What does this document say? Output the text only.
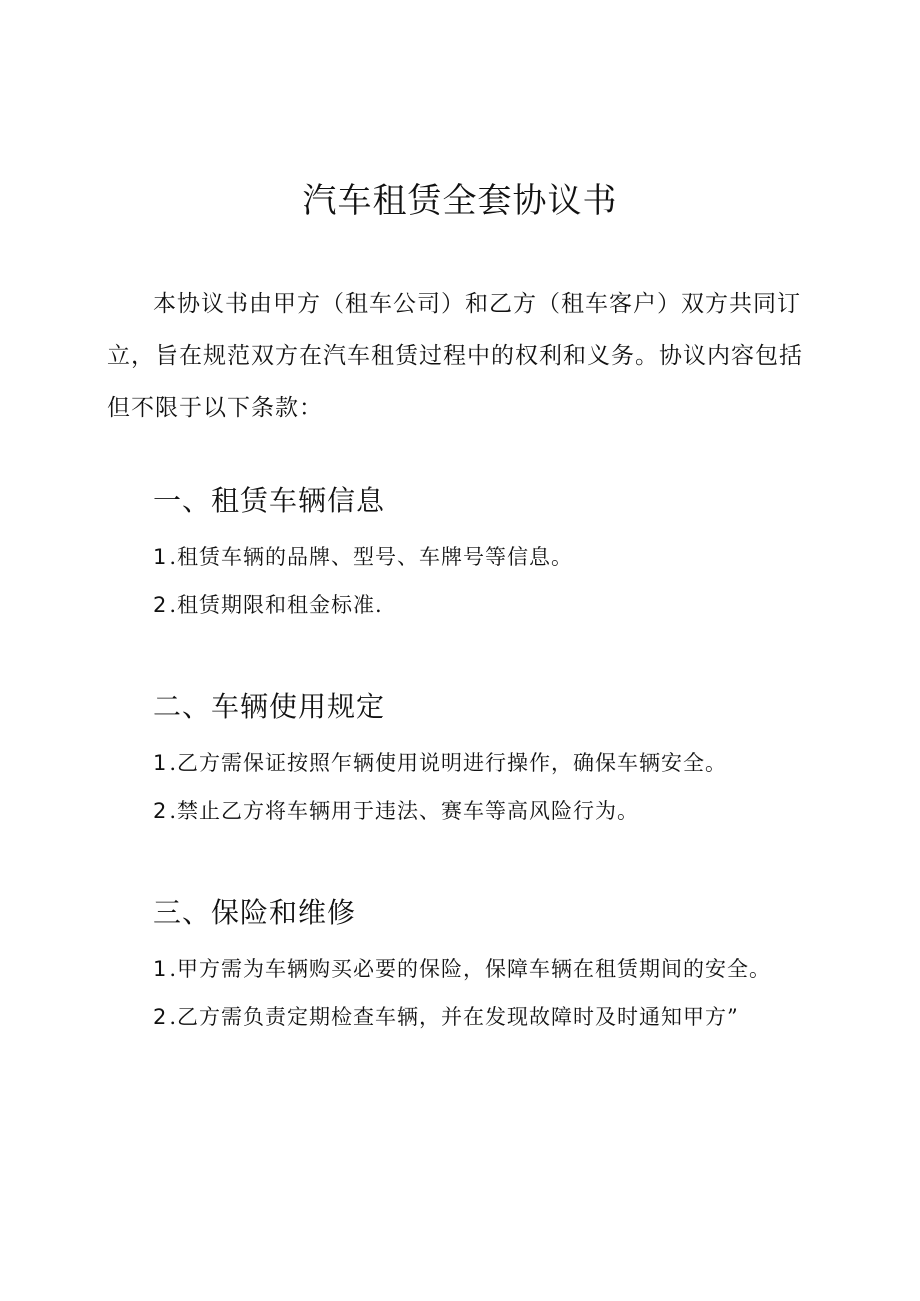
汽车租赁全套协议书

本协议书由甲方（租车公司）和乙方（租车客户）双方共同订立，旨在规范双方在汽车租赁过程中的权利和义务。协议内容包括但不限于以下条款：

一、租赁车辆信息
1.租赁车辆的品牌、型号、车牌号等信息。
2.租赁期限和租金标准.
二、车辆使用规定
1.乙方需保证按照乍辆使用说明进行操作，确保车辆安全。
2.禁止乙方将车辆用于违法、赛车等高风险行为。
三、保险和维修
1.甲方需为车辆购买必要的保险，保障车辆在租赁期间的安全。
2.乙方需负责定期检查车辆，并在发现故障时及时通知甲方”
